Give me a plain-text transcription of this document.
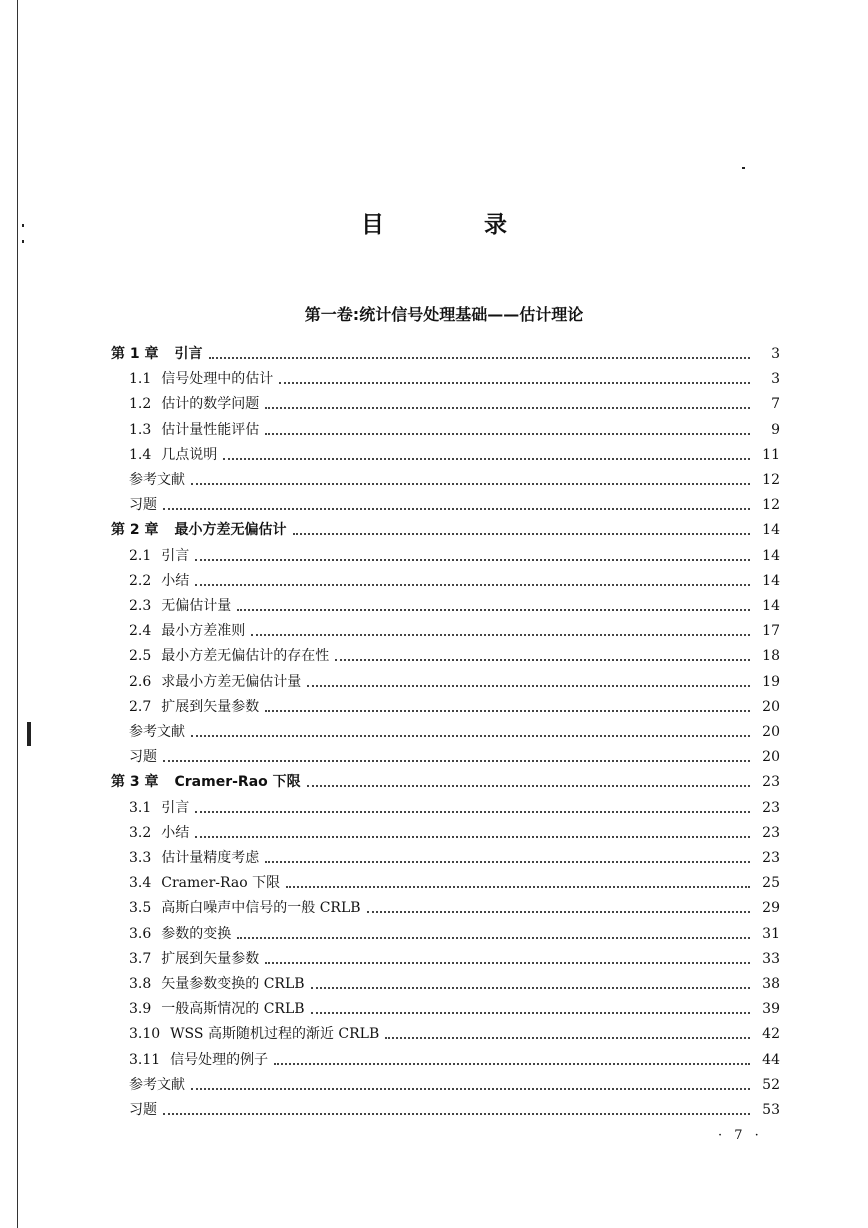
目 录
第一卷:统计信号处理基础——估计理论
第 1 章 引言	3
1.1 信号处理中的估计	3
1.2 估计的数学问题	7
1.3 估计量性能评估	9
1.4 几点说明	11
参考文献	12
习题	12
第 2 章 最小方差无偏估计	14
2.1 引言	14
2.2 小结	14
2.3 无偏估计量	14
2.4 最小方差准则	17
2.5 最小方差无偏估计的存在性	18
2.6 求最小方差无偏估计量	19
2.7 扩展到矢量参数	20
参考文献	20
习题	20
第 3 章 Cramer-Rao 下限	23
3.1 引言	23
3.2 小结	23
3.3 估计量精度考虑	23
3.4 Cramer-Rao 下限	25
3.5 高斯白噪声中信号的一般 CRLB	29
3.6 参数的变换	31
3.7 扩展到矢量参数	33
3.8 矢量参数变换的 CRLB	38
3.9 一般高斯情况的 CRLB	39
3.10 WSS 高斯随机过程的渐近 CRLB	42
3.11 信号处理的例子	44
参考文献	52
习题	53
· 7 ·
